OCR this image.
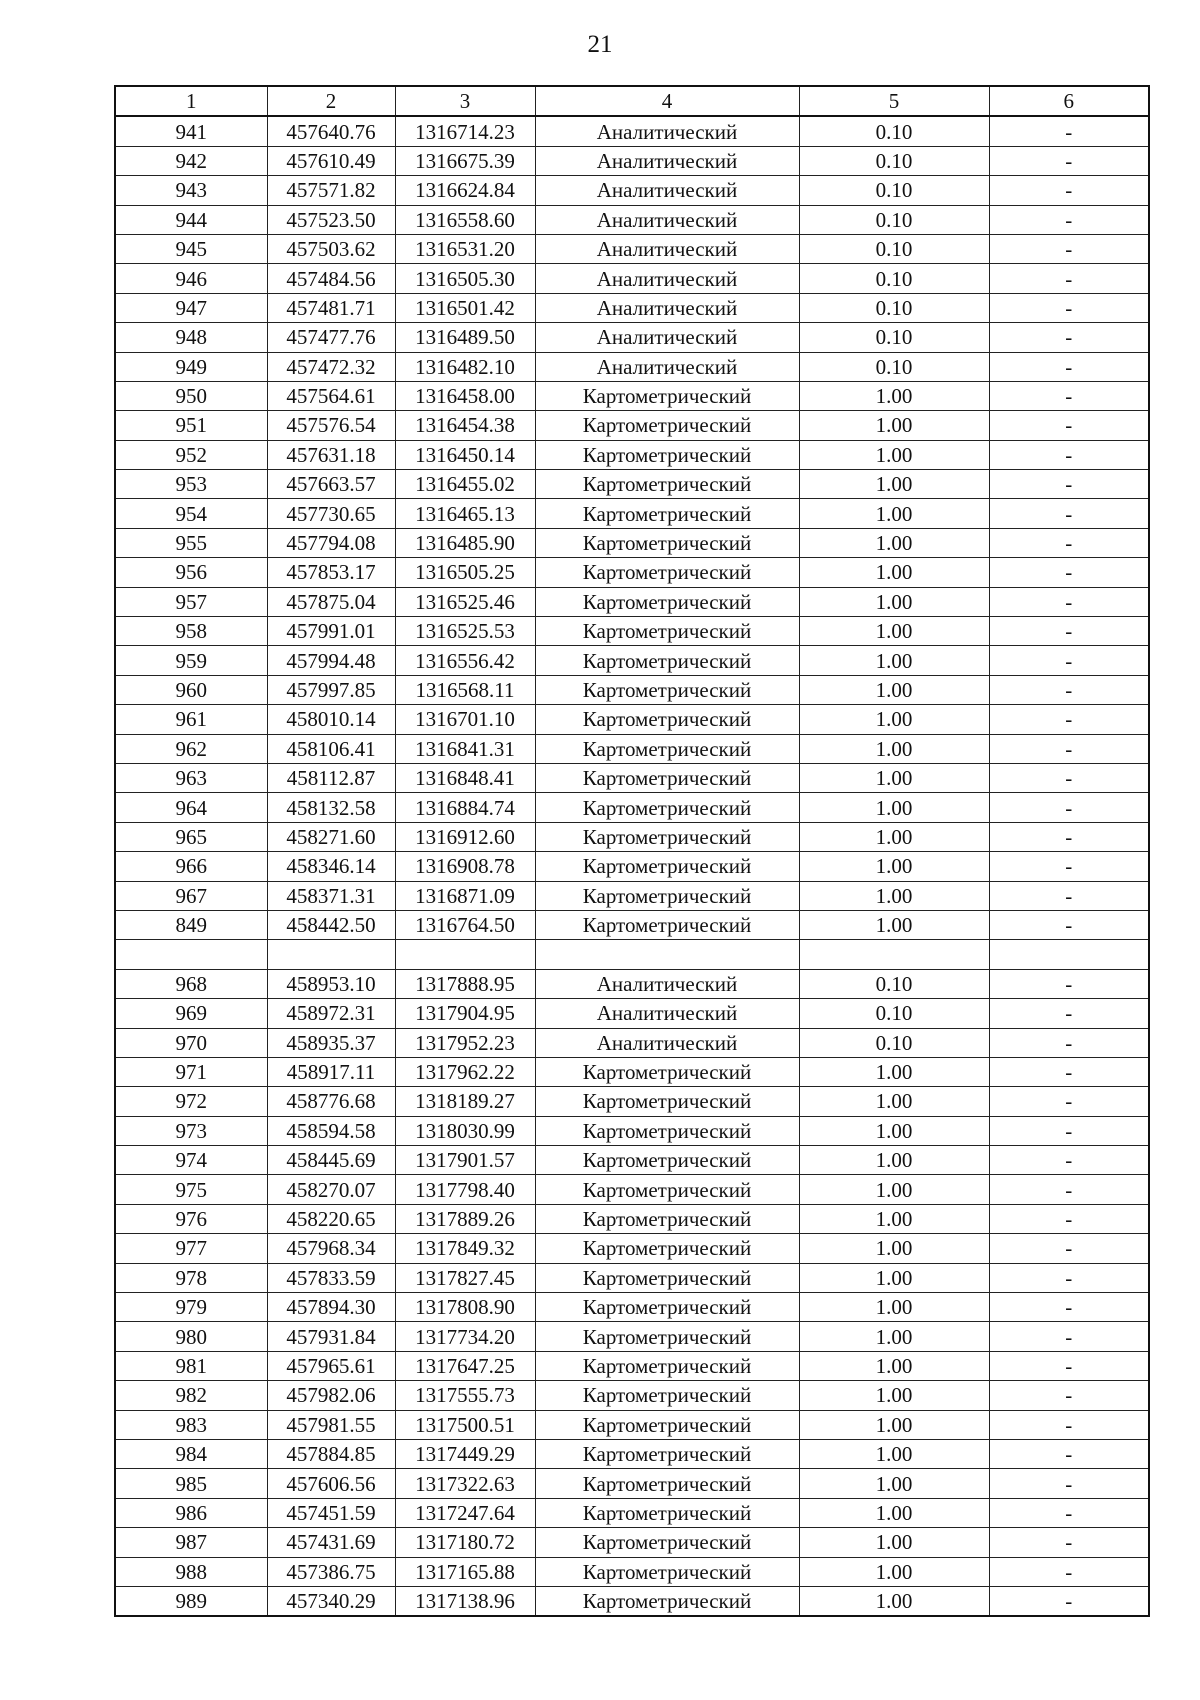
21
1	2	3	4	5	6
941	457640.76	1316714.23	Аналитический	0.10	-
942	457610.49	1316675.39	Аналитический	0.10	-
943	457571.82	1316624.84	Аналитический	0.10	-
944	457523.50	1316558.60	Аналитический	0.10	-
945	457503.62	1316531.20	Аналитический	0.10	-
946	457484.56	1316505.30	Аналитический	0.10	-
947	457481.71	1316501.42	Аналитический	0.10	-
948	457477.76	1316489.50	Аналитический	0.10	-
949	457472.32	1316482.10	Аналитический	0.10	-
950	457564.61	1316458.00	Картометрический	1.00	-
951	457576.54	1316454.38	Картометрический	1.00	-
952	457631.18	1316450.14	Картометрический	1.00	-
953	457663.57	1316455.02	Картометрический	1.00	-
954	457730.65	1316465.13	Картометрический	1.00	-
955	457794.08	1316485.90	Картометрический	1.00	-
956	457853.17	1316505.25	Картометрический	1.00	-
957	457875.04	1316525.46	Картометрический	1.00	-
958	457991.01	1316525.53	Картометрический	1.00	-
959	457994.48	1316556.42	Картометрический	1.00	-
960	457997.85	1316568.11	Картометрический	1.00	-
961	458010.14	1316701.10	Картометрический	1.00	-
962	458106.41	1316841.31	Картометрический	1.00	-
963	458112.87	1316848.41	Картометрический	1.00	-
964	458132.58	1316884.74	Картометрический	1.00	-
965	458271.60	1316912.60	Картометрический	1.00	-
966	458346.14	1316908.78	Картометрический	1.00	-
967	458371.31	1316871.09	Картометрический	1.00	-
849	458442.50	1316764.50	Картометрический	1.00	-

968	458953.10	1317888.95	Аналитический	0.10	-
969	458972.31	1317904.95	Аналитический	0.10	-
970	458935.37	1317952.23	Аналитический	0.10	-
971	458917.11	1317962.22	Картометрический	1.00	-
972	458776.68	1318189.27	Картометрический	1.00	-
973	458594.58	1318030.99	Картометрический	1.00	-
974	458445.69	1317901.57	Картометрический	1.00	-
975	458270.07	1317798.40	Картометрический	1.00	-
976	458220.65	1317889.26	Картометрический	1.00	-
977	457968.34	1317849.32	Картометрический	1.00	-
978	457833.59	1317827.45	Картометрический	1.00	-
979	457894.30	1317808.90	Картометрический	1.00	-
980	457931.84	1317734.20	Картометрический	1.00	-
981	457965.61	1317647.25	Картометрический	1.00	-
982	457982.06	1317555.73	Картометрический	1.00	-
983	457981.55	1317500.51	Картометрический	1.00	-
984	457884.85	1317449.29	Картометрический	1.00	-
985	457606.56	1317322.63	Картометрический	1.00	-
986	457451.59	1317247.64	Картометрический	1.00	-
987	457431.69	1317180.72	Картометрический	1.00	-
988	457386.75	1317165.88	Картометрический	1.00	-
989	457340.29	1317138.96	Картометрический	1.00	-
